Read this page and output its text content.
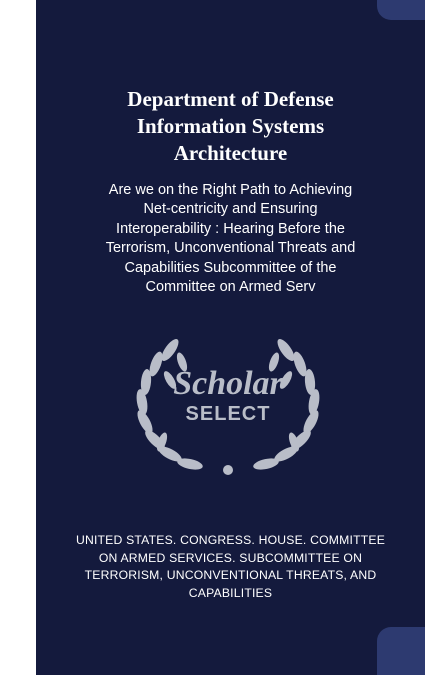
Department of Defense
Information Systems
Architecture
Are we on the Right Path to Achieving
Net-centricity and Ensuring
Interoperability : Hearing Before the
Terrorism, Unconventional Threats and
Capabilities Subcommittee of the
Committee on Armed Serv
Scholar
SELECT
UNITED STATES. CONGRESS. HOUSE. COMMITTEE
ON ARMED SERVICES. SUBCOMMITTEE ON
TERRORISM, UNCONVENTIONAL THREATS, AND
CAPABILITIES
